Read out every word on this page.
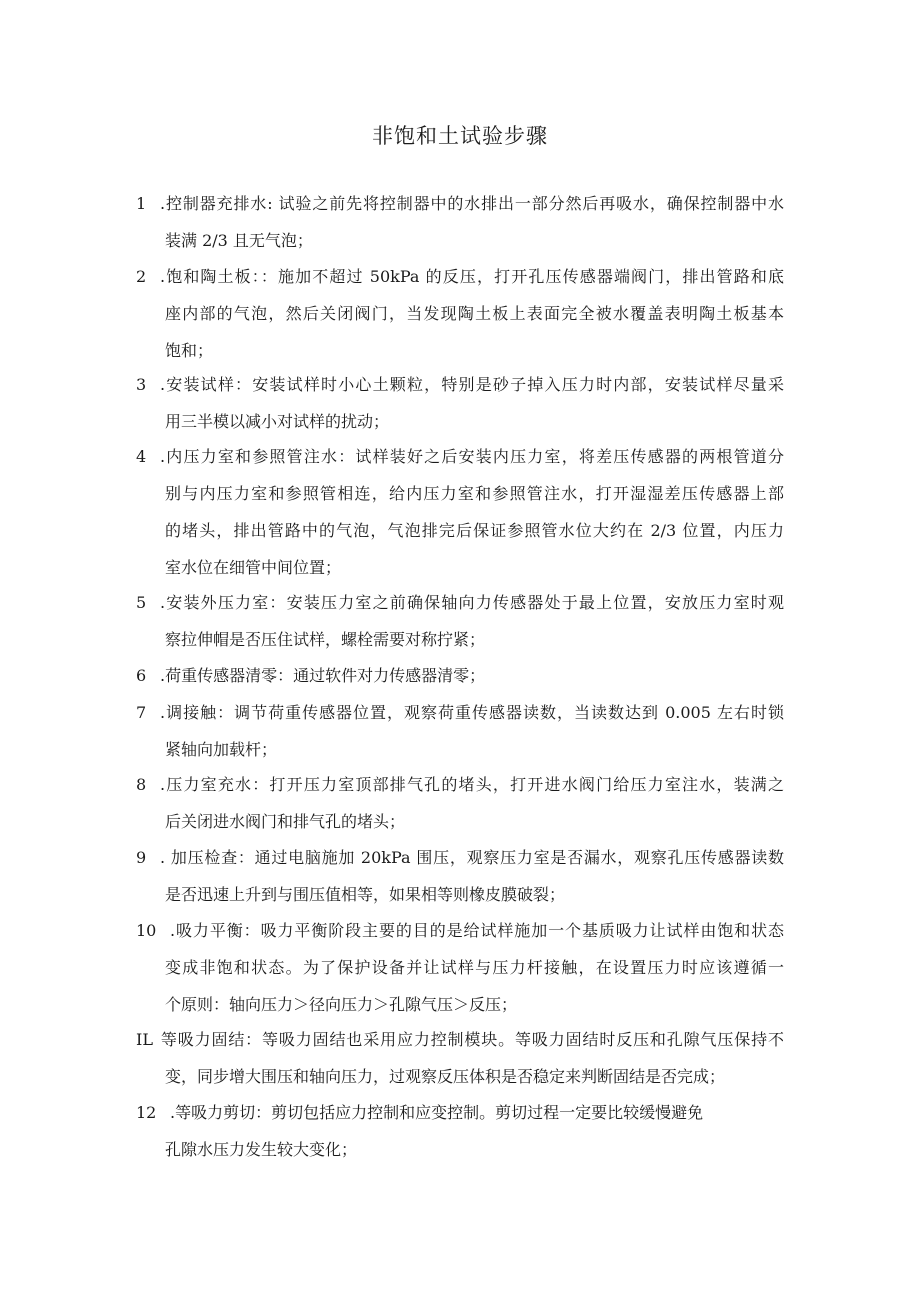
非饱和土试验步骤
1 .控制器充排水: 试验之前先将控制器中的水排出一部分然后再吸水，确保控制器中水
装满 2/3 且无气泡；
2 .饱和陶土板：：施加不超过 50kPa 的反压，打开孔压传感器端阀门，排出管路和底
座内部的气泡，然后关闭阀门，当发现陶土板上表面完全被水覆盖表明陶土板基本
饱和；
3 .安装试样：安装试样时小心土颗粒，特别是砂子掉入压力时内部，安装试样尽量采
用三半模以减小对试样的扰动；
4 .内压力室和参照管注水：试样装好之后安装内压力室，将差压传感器的两根管道分
别与内压力室和参照管相连，给内压力室和参照管注水，打开湿湿差压传感器上部
的堵头，排出管路中的气泡，气泡排完后保证参照管水位大约在 2/3 位置，内压力
室水位在细管中间位置；
5 .安装外压力室：安装压力室之前确保轴向力传感器处于最上位置，安放压力室时观
察拉伸帽是否压住试样，螺栓需要对称拧紧；
6 .荷重传感器清零：通过软件对力传感器清零；
7 .调接触：调节荷重传感器位置，观察荷重传感器读数，当读数达到 0.005 左右时锁
紧轴向加载杆；
8 .压力室充水：打开压力室顶部排气孔的堵头，打开进水阀门给压力室注水，装满之
后关闭进水阀门和排气孔的堵头；
9 . 加压检查：通过电脑施加 20kPa 围压，观察压力室是否漏水，观察孔压传感器读数
是否迅速上升到与围压值相等，如果相等则橡皮膜破裂；
10 .吸力平衡：吸力平衡阶段主要的目的是给试样施加一个基质吸力让试样由饱和状态
变成非饱和状态。为了保护设备并让试样与压力杆接触，在设置压力时应该遵循一
个原则：轴向压力＞径向压力＞孔隙气压＞反压；
IL 等吸力固结：等吸力固结也采用应力控制模块。等吸力固结时反压和孔隙气压保持不
变，同步增大围压和轴向压力，过观察反压体积是否稳定来判断固结是否完成；
12 .等吸力剪切：剪切包括应力控制和应变控制。剪切过程一定要比较缓慢避免
孔隙水压力发生较大变化；
